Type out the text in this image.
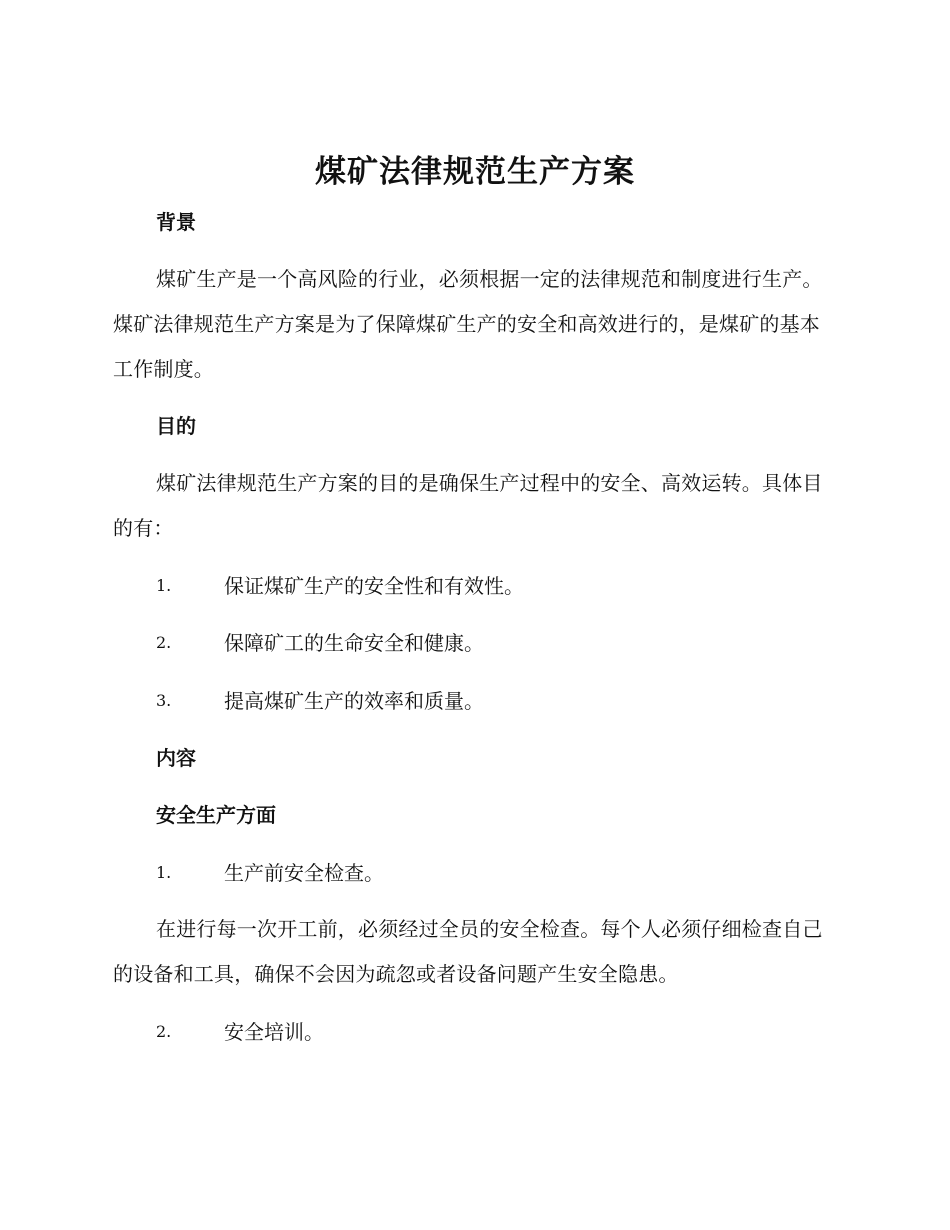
煤矿法律规范生产方案
背景
煤矿生产是一个高风险的行业，必须根据一定的法律规范和制度进行生产。煤矿法律规范生产方案是为了保障煤矿生产的安全和高效进行的，是煤矿的基本工作制度。
目的
煤矿法律规范生产方案的目的是确保生产过程中的安全、高效运转。具体目的有：
1.	保证煤矿生产的安全性和有效性。
2.	保障矿工的生命安全和健康。
3.	提高煤矿生产的效率和质量。
内容
安全生产方面
1.	生产前安全检查。
在进行每一次开工前，必须经过全员的安全检查。每个人必须仔细检查自己的设备和工具，确保不会因为疏忽或者设备问题产生安全隐患。
2.	安全培训。
